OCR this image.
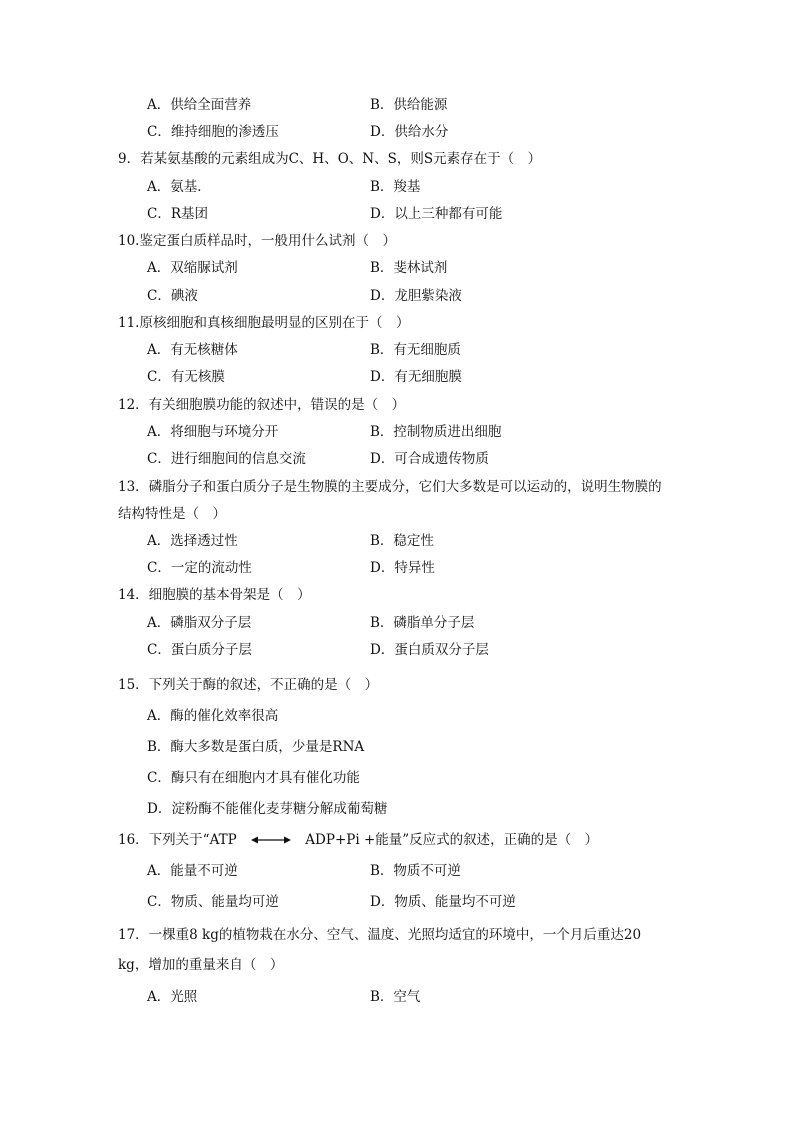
A．供给全面营养	B．供给能源
C．维持细胞的渗透压	D．供给水分
9．若某氨基酸的元素组成为C、H、O、N、S，则S元素存在于（　）
A．氨基．	B．羧基
C．R基团	D．以上三种都有可能
10.鉴定蛋白质样品时，一般用什么试剂（　）
A．双缩脲试剂	B．斐林试剂
C．碘液	D．龙胆紫染液
11.原核细胞和真核细胞最明显的区别在于（　）
A．有无核糖体	B．有无细胞质
C．有无核膜	D．有无细胞膜
12．有关细胞膜功能的叙述中，错误的是（　）
A．将细胞与环境分开	B．控制物质进出细胞
C．进行细胞间的信息交流	D．可合成遗传物质
13．磷脂分子和蛋白质分子是生物膜的主要成分，它们大多数是可以运动的，说明生物膜的
结构特性是（　）
A．选择透过性	B．稳定性
C．一定的流动性	D．特异性
14．细胞膜的基本骨架是（　）
A．磷脂双分子层	B．磷脂单分子层
C．蛋白质分子层	D．蛋白质双分子层
15．下列关于酶的叙述，不正确的是（　）
A．酶的催化效率很高
B．酶大多数是蛋白质，少量是RNA
C．酶只有在细胞内才具有催化功能
D．淀粉酶不能催化麦芽糖分解成葡萄糖
16．下列关于“ATP	ADP+Pi +能量”反应式的叙述，正确的是（　）
A．能量不可逆	B．物质不可逆
C．物质、能量均可逆	D．物质、能量均不可逆
17．一棵重8 kg的植物栽在水分、空气、温度、光照均适宜的环境中，一个月后重达20
kg，增加的重量来自（　）
A．光照	B．空气
